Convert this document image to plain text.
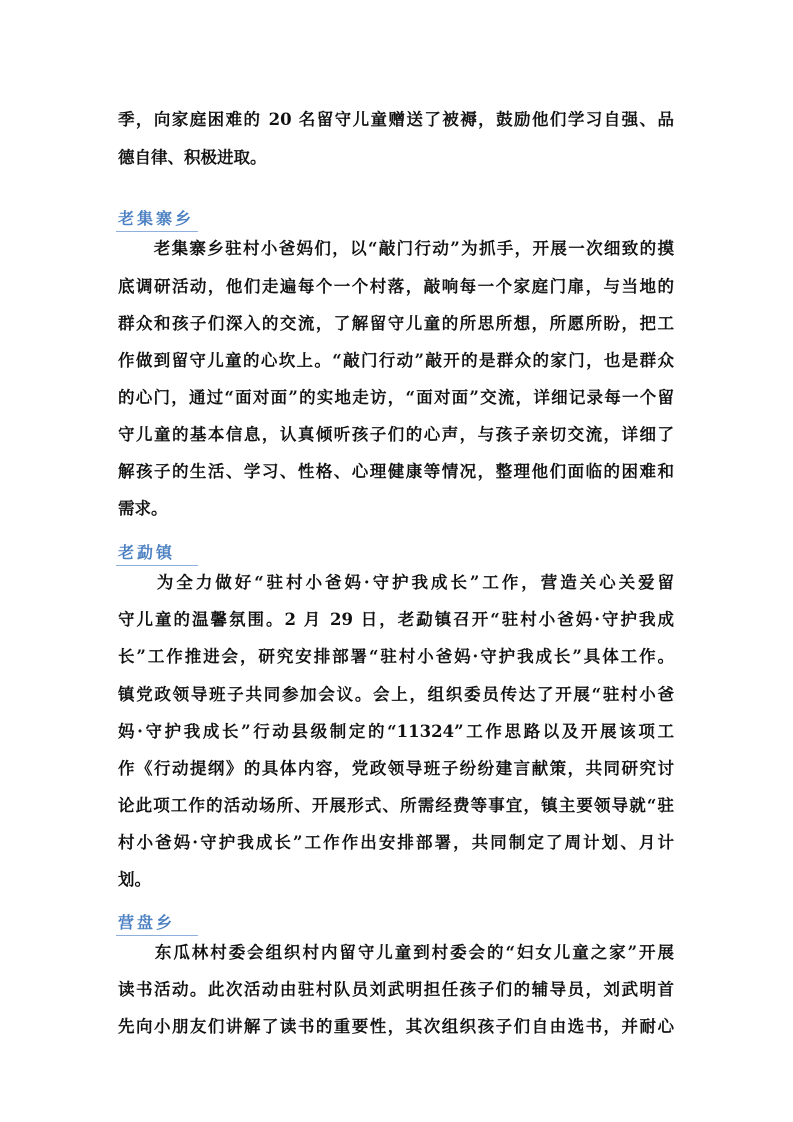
季，向家庭困难的 20 名留守儿童赠送了被褥，鼓励他们学习自强、品

德自律、积极进取。

老集寨乡

　　老集寨乡驻村小爸妈们，以“敲门行动”为抓手，开展一次细致的摸

底调研活动，他们走遍每个一个村落，敲响每一个家庭门扉，与当地的

群众和孩子们深入的交流，了解留守儿童的所思所想，所愿所盼，把工

作做到留守儿童的心坎上。“敲门行动”敲开的是群众的家门，也是群众

的心门，通过“面对面”的实地走访，“面对面”交流，详细记录每一个留

守儿童的基本信息，认真倾听孩子们的心声，与孩子亲切交流，详细了

解孩子的生活、学习、性格、心理健康等情况，整理他们面临的困难和

需求。

老勐镇

　　为全力做好“驻村小爸妈·守护我成长”工作，营造关心关爱留

守儿童的温馨氛围。2 月 29 日，老勐镇召开“驻村小爸妈·守护我成

长”工作推进会，研究安排部署“驻村小爸妈·守护我成长”具体工作。

镇党政领导班子共同参加会议。会上，组织委员传达了开展“驻村小爸

妈·守护我成长”行动县级制定的“11324”工作思路以及开展该项工

作《行动提纲》的具体内容，党政领导班子纷纷建言献策，共同研究讨

论此项工作的活动场所、开展形式、所需经费等事宜，镇主要领导就“驻

村小爸妈·守护我成长”工作作出安排部署，共同制定了周计划、月计

划。

营盘乡

　　东瓜林村委会组织村内留守儿童到村委会的“妇女儿童之家”开展

读书活动。此次活动由驻村队员刘武明担任孩子们的辅导员，刘武明首

先向小朋友们讲解了读书的重要性，其次组织孩子们自由选书，并耐心
